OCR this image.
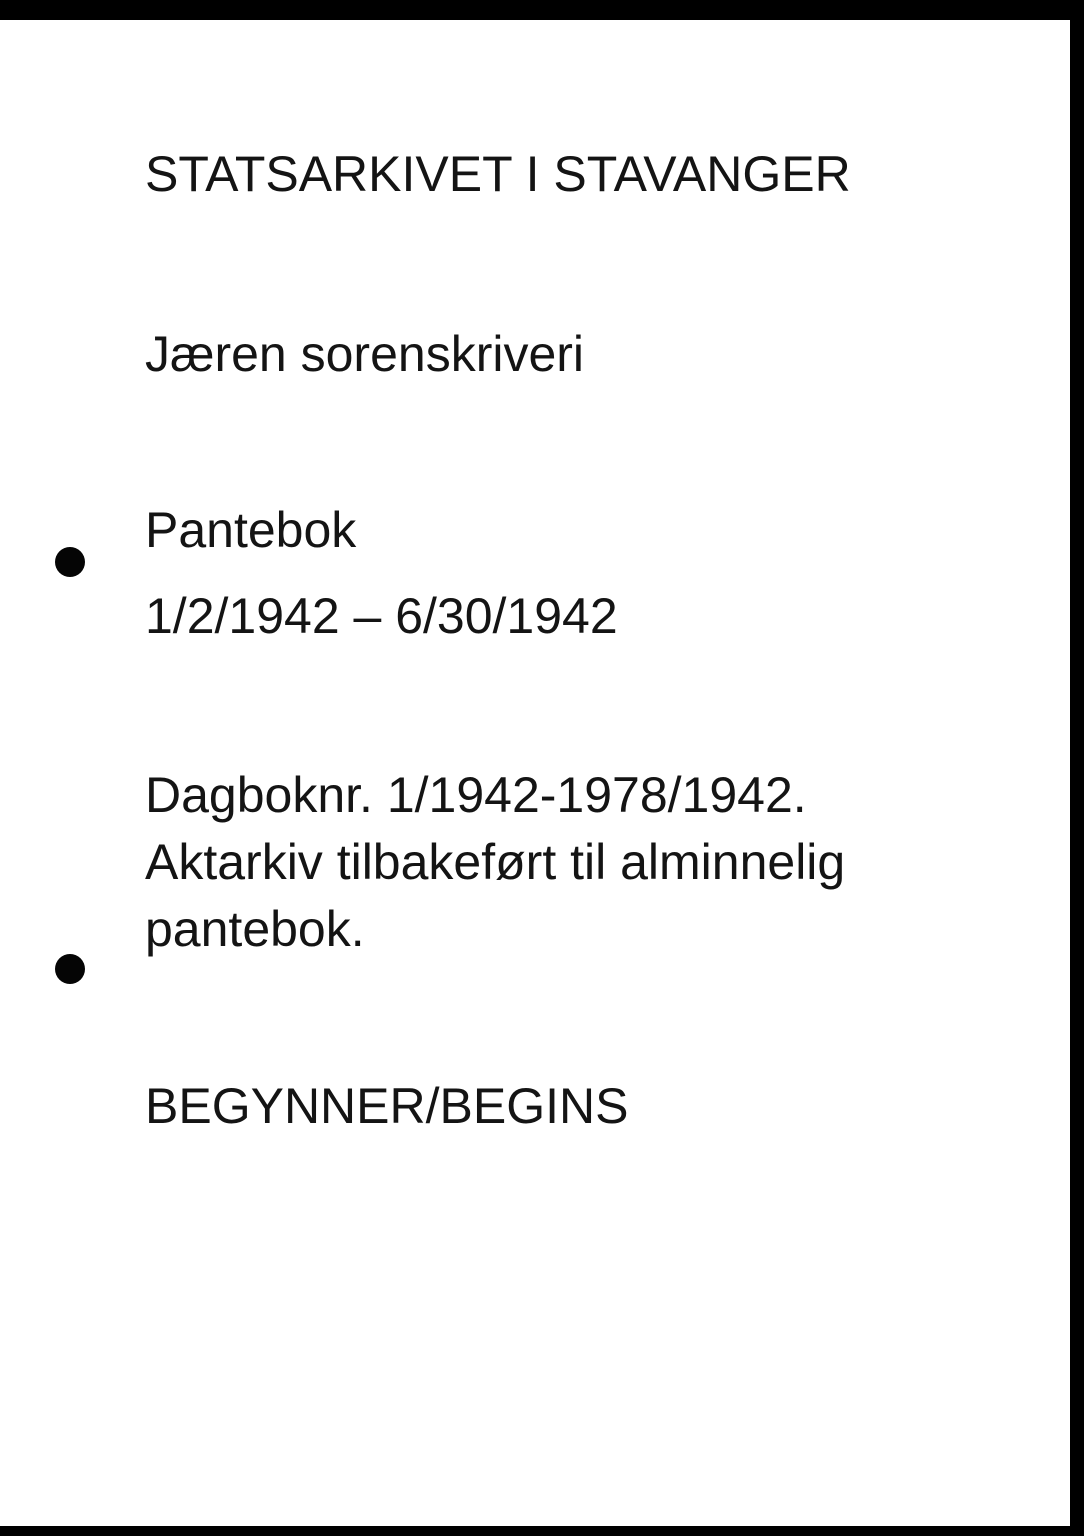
STATSARKIVET I STAVANGER

Jæren sorenskriveri

Pantebok

1/2/1942 – 6/30/1942

Dagboknr. 1/1942-1978/1942.

Aktarkiv tilbakeført til alminnelig

pantebok.

BEGYNNER/BEGINS
